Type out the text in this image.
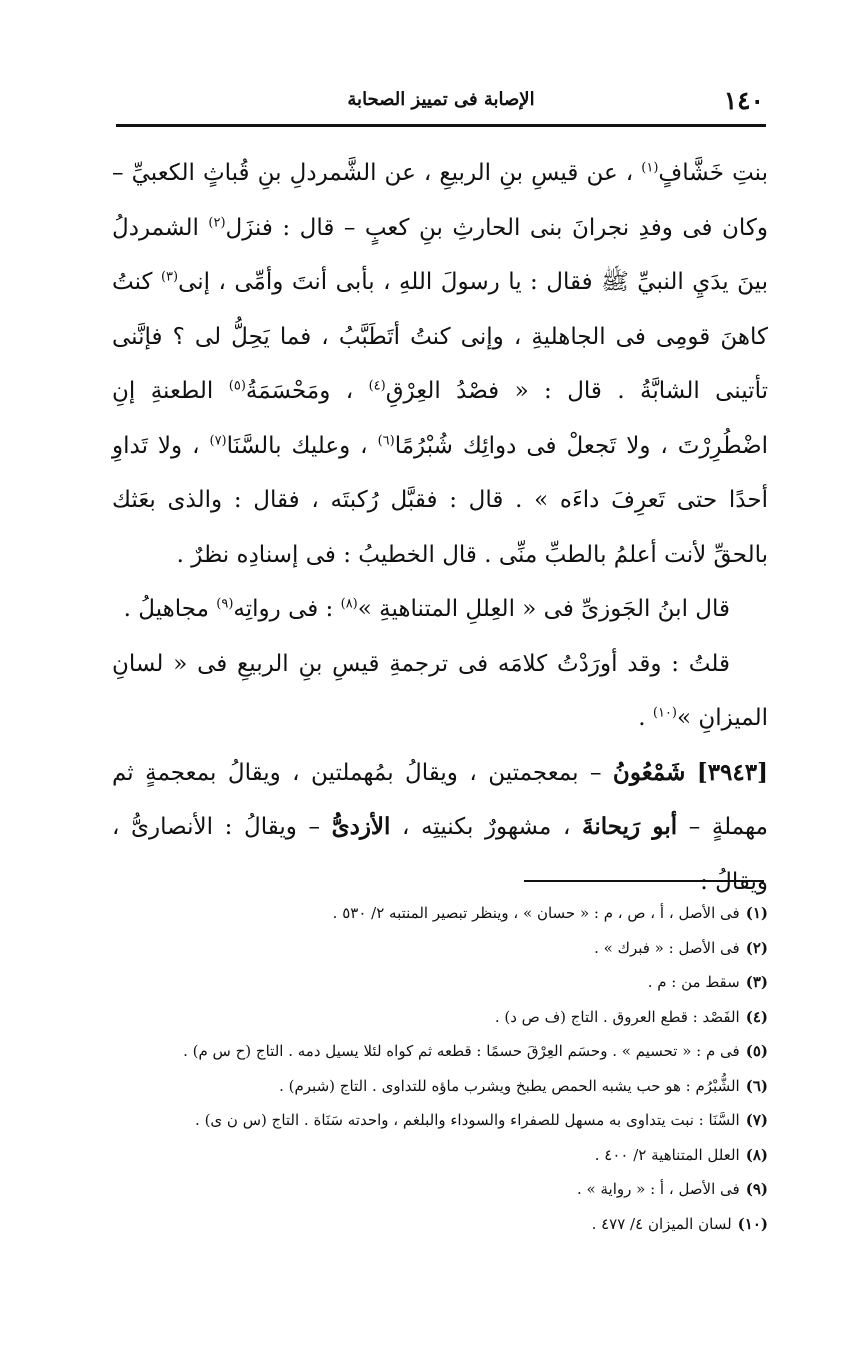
١٤٠
الإصابة فى تمييز الصحابة

بنتِ خَشَّافٍ$^{(١)}$ ، عن قيسِ بنِ الربيعِ ، عن الشَّمردلِ بنِ قُباثٍ الكعبيِّ – وكان فى وفدِ نجرانَ بنى الحارثِ بنِ كعبٍ – قال : فنزَل$^{(٢)}$ الشمردلُ بينَ يدَيِ النبيِّ ﷺ فقال : يا رسولَ اللهِ ، بأبى أنتَ وأمِّى ، إنى$^{(٣)}$ كنتُ كاهنَ قومِى فى الجاهليةِ ، وإنى كنتُ أتَطَبَّبُ ، فما يَحِلُّ لى ؟ فإنَّنى تأتينى الشابَّةُ . قال : « فصْدُ العِرْقِ$^{(٤)}$ ، ومَحْسَمَةُ$^{(٥)}$ الطعنةِ إنِ اضْطُرِرْتَ ، ولا تَجعلْ فى دوائِك شُبْرُمًا$^{(٦)}$ ، وعليك بالسَّنَا$^{(٧)}$ ، ولا تَداوِ أحدًا حتى تَعرِفَ داءَه » . قال : فقبَّل رُكبتَه ، فقال : والذى بعَثك بالحقِّ لأنت أعلمُ بالطبِّ منِّى . قال الخطيبُ : فى إسنادِه نظرٌ .

قال ابنُ الجَوزىِّ فى « العِللِ المتناهيةِ »$^{(٨)}$ : فى رواتِه$^{(٩)}$ مجاهيلُ .

قلتُ : وقد أورَدْتُ كلامَه فى ترجمةِ قيسِ بنِ الربيعِ فى « لسانِ الميزانِ »$^{(١٠)}$ .

[٣٩٤٣] شَمْعُونُ – بمعجمتين ، ويقالُ بمُهملتين ، ويقالُ بمعجمةٍ ثم مهملةٍ – أبو رَيحانةَ ، مشهورٌ بكنيتِه ، الأزدىُّ – ويقالُ : الأنصارىُّ ، ويقالُ :

(١)فى الأصل ، أ ، ص ، م : « حسان » ، وينظر تبصير المنتبه ٢/ ٥٣٠ .
(٢)فى الأصل : « فبرك » .
(٣)سقط من : م .
(٤)الفَصْد : قطع العروق . التاج (ف ص د) .
(٥)فى م : « تحسيم » . وحسَم العِرْقَ حسمًا : قطعه ثم كواه لئلا يسيل دمه . التاج (ح س م) .
(٦)الشُّبْرُم : هو حب يشبه الحمص يطبخ ويشرب ماؤه للتداوى . التاج (شبرم) .
(٧)السَّنَا : نبت يتداوى به مسهل للصفراء والسوداء والبلغم ، واحدته سَنَاة . التاج (س ن ى) .
(٨)العلل المتناهية ٢/ ٤٠٠ .
(٩)فى الأصل ، أ : « رواية » .
(١٠)لسان الميزان ٤/ ٤٧٧ .
